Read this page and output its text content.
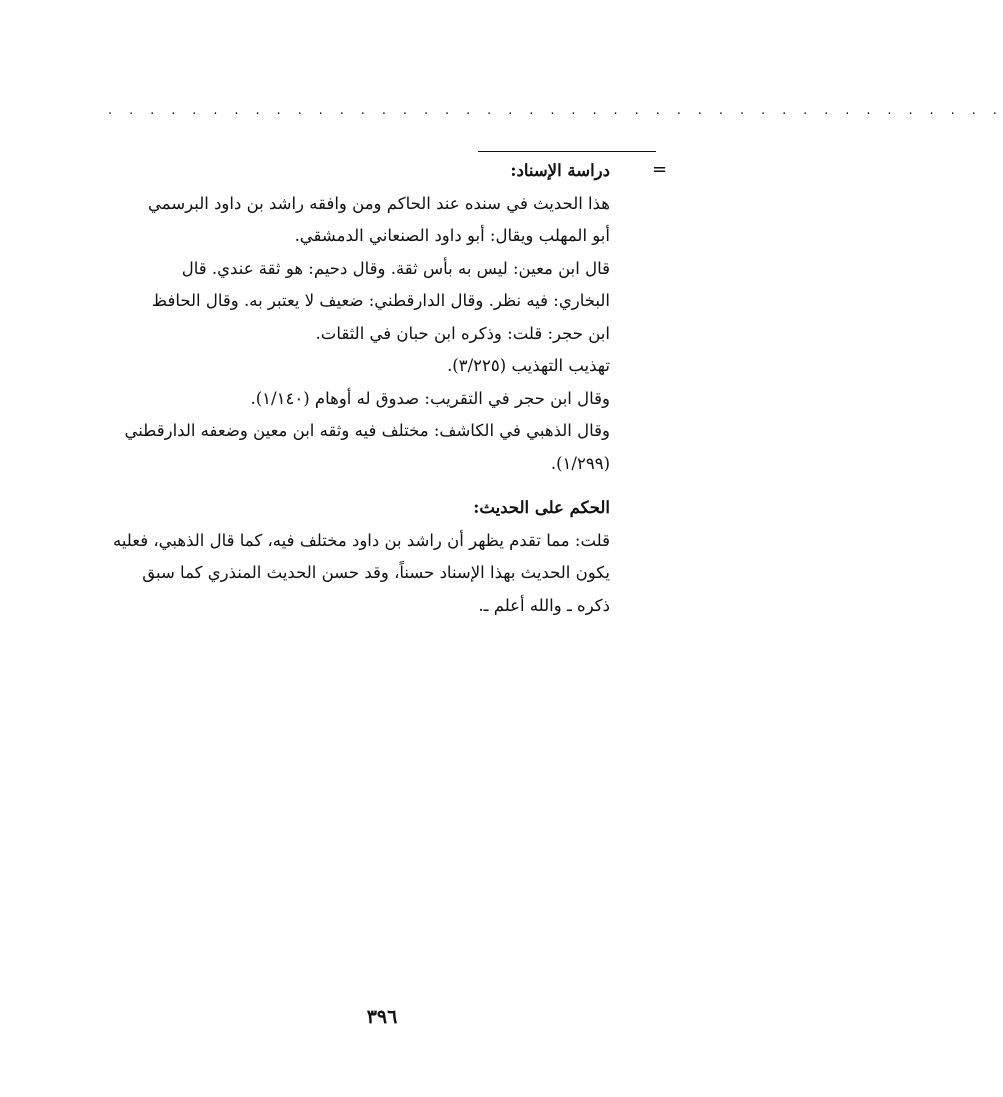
. . . . . . . . . . . . . . . . . . . . . . . . . . . . . . . . . . . . . . . . . . .
=

دراسة الإسناد:

هذا الحديث في سنده عند الحاكم ومن وافقه راشد بن داود البرسمي

أبو المهلب ويقال: أبو داود الصنعاني الدمشقي.

قال ابن معين: ليس به بأس ثقة. وقال دحيم: هو ثقة عندي. قال

البخاري: فيه نظر. وقال الدارقطني: ضعيف لا يعتبر به. وقال الحافظ

ابن حجر: قلت: وذكره ابن حبان في الثقات.

تهذيب التهذيب (٣/٢٢٥).

وقال ابن حجر في التقريب: صدوق له أوهام (١/١٤٠).

وقال الذهبي في الكاشف: مختلف فيه وثقه ابن معين وضعفه الدارقطني

(١/٢٩٩).

الحكم على الحديث:

قلت: مما تقدم يظهر أن راشد بن داود مختلف فيه، كما قال الذهبي، فعليه

يكون الحديث بهذا الإسناد حسناً، وقد حسن الحديث المنذري كما سبق

ذكره ـ والله أعلم ـ.

٣٩٦
